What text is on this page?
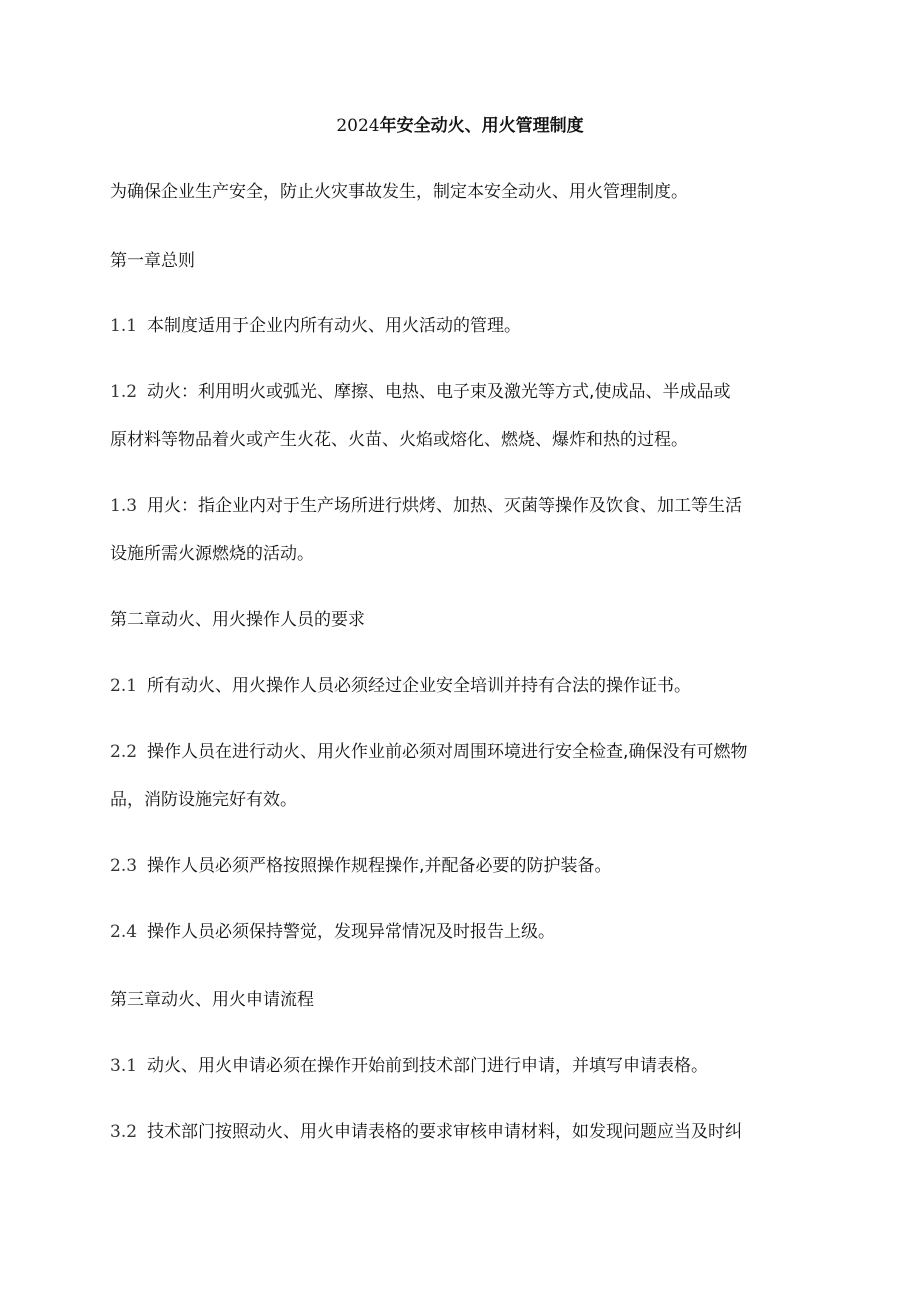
2024年安全动火、用火管理制度
为确保企业生产安全，防止火灾事故发生，制定本安全动火、用火管理制度。
第一章总则
1.1 本制度适用于企业内所有动火、用火活动的管理。
1.2 动火：利用明火或弧光、摩擦、电热、电子束及激光等方式,使成品、半成品或
原材料等物品着火或产生火花、火苗、火焰或熔化、燃烧、爆炸和热的过程。
1.3 用火：指企业内对于生产场所进行烘烤、加热、灭菌等操作及饮食、加工等生活
设施所需火源燃烧的活动。
第二章动火、用火操作人员的要求
2.1 所有动火、用火操作人员必须经过企业安全培训并持有合法的操作证书。
2.2 操作人员在进行动火、用火作业前必须对周围环境进行安全检查,确保没有可燃物
品，消防设施完好有效。
2.3 操作人员必须严格按照操作规程操作,并配备必要的防护装备。
2.4 操作人员必须保持警觉，发现异常情况及时报告上级。
第三章动火、用火申请流程
3.1 动火、用火申请必须在操作开始前到技术部门进行申请，并填写申请表格。
3.2 技术部门按照动火、用火申请表格的要求审核申请材料，如发现问题应当及时纠
